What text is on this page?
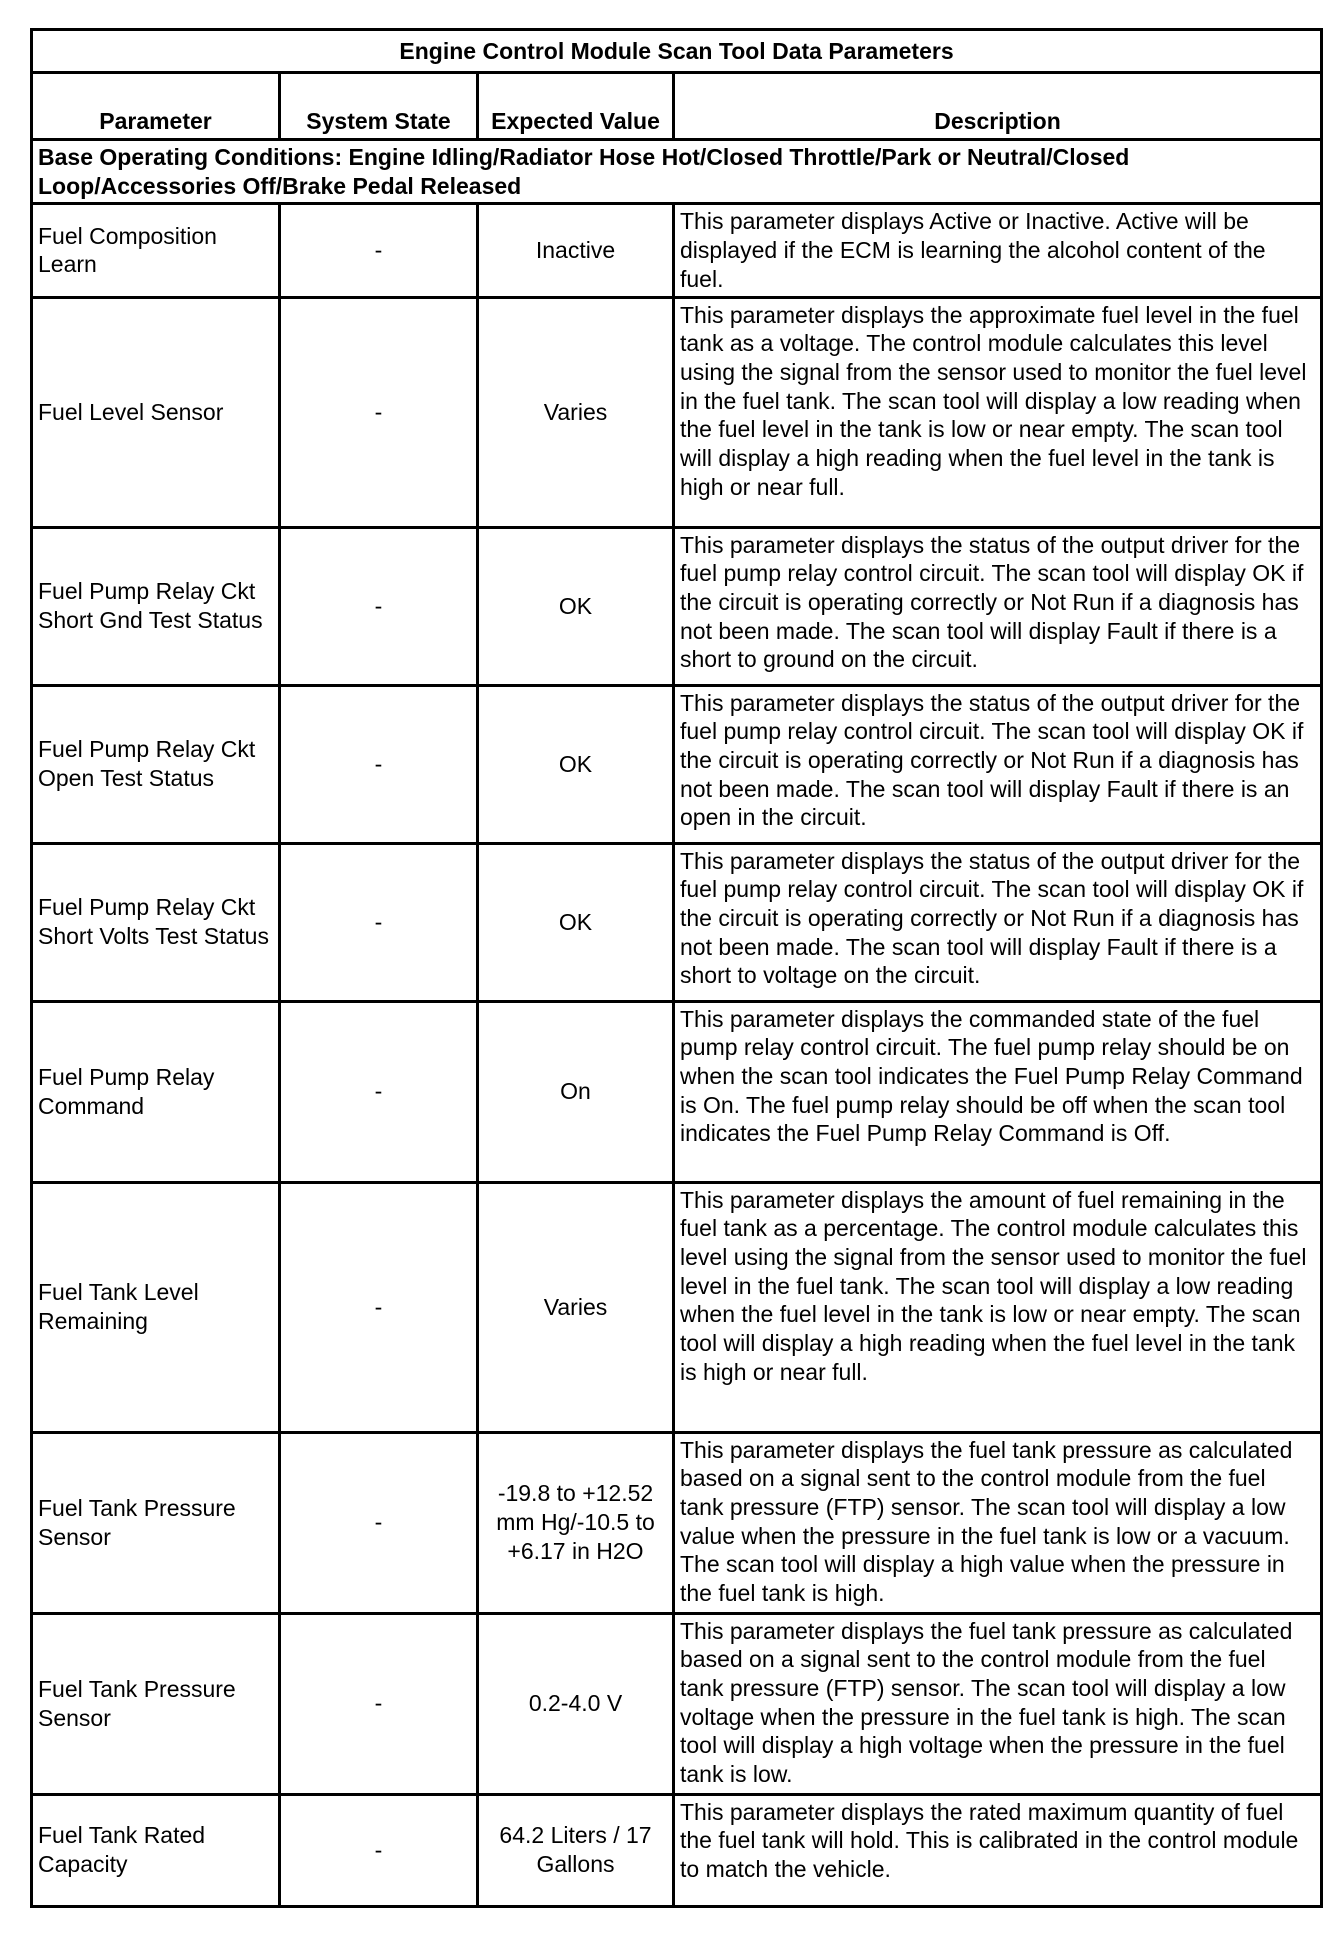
Engine Control Module Scan Tool Data Parameters			
Parameter	System State	Expected Value	Description
Base Operating Conditions: Engine Idling/Radiator Hose Hot/Closed Throttle/Park or Neutral/Closed Loop/Accessories Off/Brake Pedal Released			
Fuel Composition Learn	-	Inactive	This parameter displays Active or Inactive. Active will be displayed if the ECM is learning the alcohol content of the fuel.
Fuel Level Sensor	-	Varies	This parameter displays the approximate fuel level in the fuel tank as a voltage. The control module calculates this level using the signal from the sensor used to monitor the fuel level in the fuel tank. The scan tool will display a low reading when the fuel level in the tank is low or near empty. The scan tool will display a high reading when the fuel level in the tank is high or near full.
Fuel Pump Relay Ckt Short Gnd Test Status	-	OK	This parameter displays the status of the output driver for the fuel pump relay control circuit. The scan tool will display OK if the circuit is operating correctly or Not Run if a diagnosis has not been made. The scan tool will display Fault if there is a short to ground on the circuit.
Fuel Pump Relay Ckt Open Test Status	-	OK	This parameter displays the status of the output driver for the fuel pump relay control circuit. The scan tool will display OK if the circuit is operating correctly or Not Run if a diagnosis has not been made. The scan tool will display Fault if there is an open in the circuit.
Fuel Pump Relay Ckt Short Volts Test Status	-	OK	This parameter displays the status of the output driver for the fuel pump relay control circuit. The scan tool will display OK if the circuit is operating correctly or Not Run if a diagnosis has not been made. The scan tool will display Fault if there is a short to voltage on the circuit.
Fuel Pump Relay Command	-	On	This parameter displays the commanded state of the fuel pump relay control circuit. The fuel pump relay should be on when the scan tool indicates the Fuel Pump Relay Command is On. The fuel pump relay should be off when the scan tool indicates the Fuel Pump Relay Command is Off.
Fuel Tank Level Remaining	-	Varies	This parameter displays the amount of fuel remaining in the fuel tank as a percentage. The control module calculates this level using the signal from the sensor used to monitor the fuel level in the fuel tank. The scan tool will display a low reading when the fuel level in the tank is low or near empty. The scan tool will display a high reading when the fuel level in the tank is high or near full.
Fuel Tank Pressure Sensor	-	-19.8 to +12.52 mm Hg/-10.5 to +6.17 in H2O	This parameter displays the fuel tank pressure as calculated based on a signal sent to the control module from the fuel tank pressure (FTP) sensor. The scan tool will display a low value when the pressure in the fuel tank is low or a vacuum. The scan tool will display a high value when the pressure in the fuel tank is high.
Fuel Tank Pressure Sensor	-	0.2-4.0 V	This parameter displays the fuel tank pressure as calculated based on a signal sent to the control module from the fuel tank pressure (FTP) sensor. The scan tool will display a low voltage when the pressure in the fuel tank is high. The scan tool will display a high voltage when the pressure in the fuel tank is low.
Fuel Tank Rated Capacity	-	64.2 Liters / 17 Gallons	This parameter displays the rated maximum quantity of fuel the fuel tank will hold. This is calibrated in the control module to match the vehicle.
